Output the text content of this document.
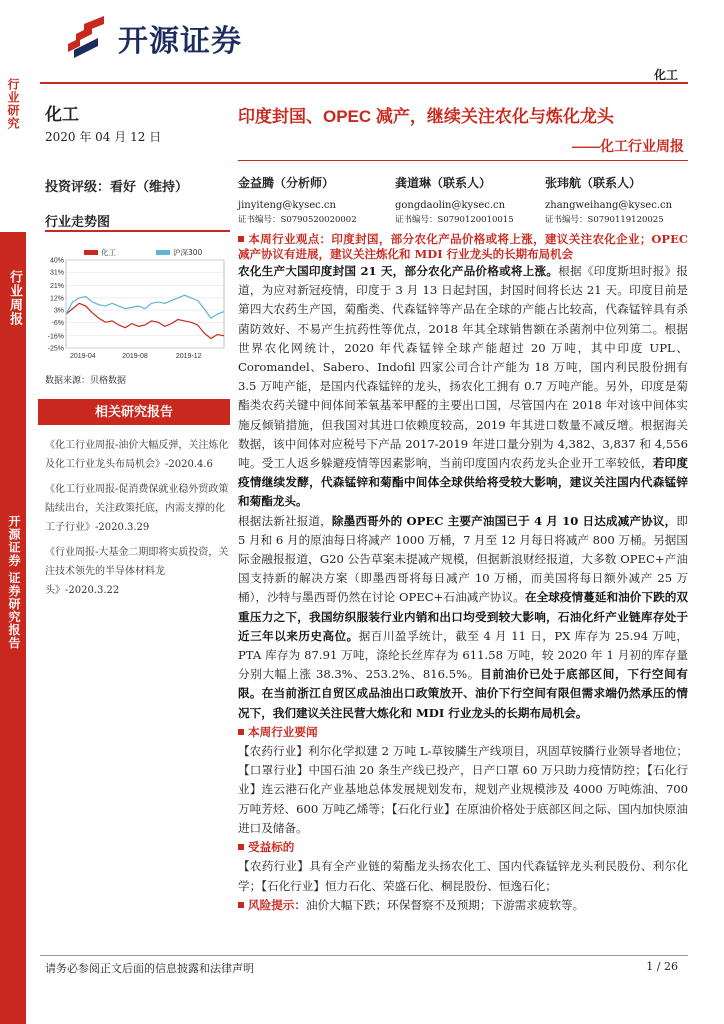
开源证券
化工
行业研究
行业周报
开源证券 证券研究报告
化工
2020 年 04 月 12 日
投资评级：看好（维持）
行业走势图
40%
31%
21%
12%
3%
-6%
-16%
-25%
2019-04	2019-08	2019-12
化工	沪深300
数据来源：贝格数据
相关研究报告
《化工行业周报-油价大幅反弹，关注炼化及化工行业龙头布局机会》-2020.4.6
《化工行业周报-促消费保就业稳外贸政策陆续出台，关注政策托底，内需支撑的化工子行业》-2020.3.29
《行业周报-大基金二期即将实质投资，关注技术领先的半导体材料龙头》-2020.3.22
印度封国、OPEC 减产，继续关注农化与炼化龙头
——化工行业周报
金益腾（分析师）
jinyiteng@kysec.cn
证书编号：S0790520020002
龚道琳（联系人）
gongdaolin@kysec.cn
证书编号：S0790120010015
张玮航（联系人）
zhangweihang@kysec.cn
证书编号：S0790119120025

本周行业观点：印度封国，部分农化产品价格或将上涨，建议关注农化企业；OPEC 减产协议有进展，建议关注炼化和 MDI 行业龙头的长期布局机会

农化生产大国印度封国 21 天，部分农化产品价格或将上涨。根据《印度斯坦时报》报道，为应对新冠疫情，印度于 3 月 13 日起封国，封国时间将长达 21 天。印度目前是第四大农药生产国，菊酯类、代森锰锌等产品在全球的产能占比较高，代森锰锌具有杀菌防效好、不易产生抗药性等优点，2018 年其全球销售额在杀菌剂中位列第二。根据世界农化网统计，2020 年代森锰锌全球产能超过 20 万吨，其中印度 UPL、Coromandel、Sabero、Indofil 四家公司合计产能为 18 万吨，国内利民股份拥有 3.5 万吨产能，是国内代森锰锌的龙头，扬农化工拥有 0.7 万吨产能。另外，印度是菊酯类农药关键中间体间苯氧基苯甲醛的主要出口国，尽管国内在 2018 年对该中间体实施反倾销措施，但我国对其进口依赖度较高，2019 年其进口数量不减反增。根据海关数据，该中间体对应税号下产品 2017-2019 年进口量分别为 4,382、3,837 和 4,556 吨。受工人返乡躲避疫情等因素影响，当前印度国内农药龙头企业开工率较低，若印度疫情继续发酵，代森锰锌和菊酯中间体全球供给将受较大影响，建议关注国内代森锰锌和菊酯龙头。

根据法新社报道，除墨西哥外的 OPEC 主要产油国已于 4 月 10 日达成减产协议，即 5 月和 6 月的原油每日将减产 1000 万桶，7 月至 12 月每日将减产 800 万桶。另据国际金融报报道，G20 公告草案未提减产规模，但据新浪财经报道，大多数 OPEC+产油国支持新的解决方案（即墨西哥将每日减产 10 万桶，而美国将每日额外减产 25 万桶），沙特与墨西哥仍然在讨论 OPEC+石油减产协议。在全球疫情蔓延和油价下跌的双重压力之下，我国纺织服装行业内销和出口均受到较大影响，石油化纤产业链库存处于近三年以来历史高位。据百川盈孚统计，截至 4 月 11 日，PX 库存为 25.94 万吨，PTA 库存为 87.91 万吨，涤纶长丝库存为 611.58 万吨，较 2020 年 1 月初的库存量分别大幅上涨 38.3%、253.2%、816.5%。目前油价已处于底部区间，下行空间有限。在当前浙江自贸区成品油出口政策放开、油价下行空间有限但需求端仍然承压的情况下，我们建议关注民营大炼化和 MDI 行业龙头的长期布局机会。

本周行业要闻

【农药行业】利尔化学拟建 2 万吨 L-草铵膦生产线项目，巩固草铵膦行业领导者地位；【口罩行业】中国石油 20 条生产线已投产，日产口罩 60 万只助力疫情防控；【石化行业】连云港石化产业基地总体发展规划发布，规划产业规模涉及 4000 万吨炼油、700 万吨芳烃、600 万吨乙烯等；【石化行业】在原油价格处于底部区间之际、国内加快原油进口及储备。

受益标的

【农药行业】具有全产业链的菊酯龙头扬农化工、国内代森锰锌龙头利民股份、利尔化学；【石化行业】恒力石化、荣盛石化、桐昆股份、恒逸石化；

风险提示：油价大幅下跌；环保督察不及预期；下游需求疲软等。

请务必参阅正文后面的信息披露和法律声明	1 / 26
